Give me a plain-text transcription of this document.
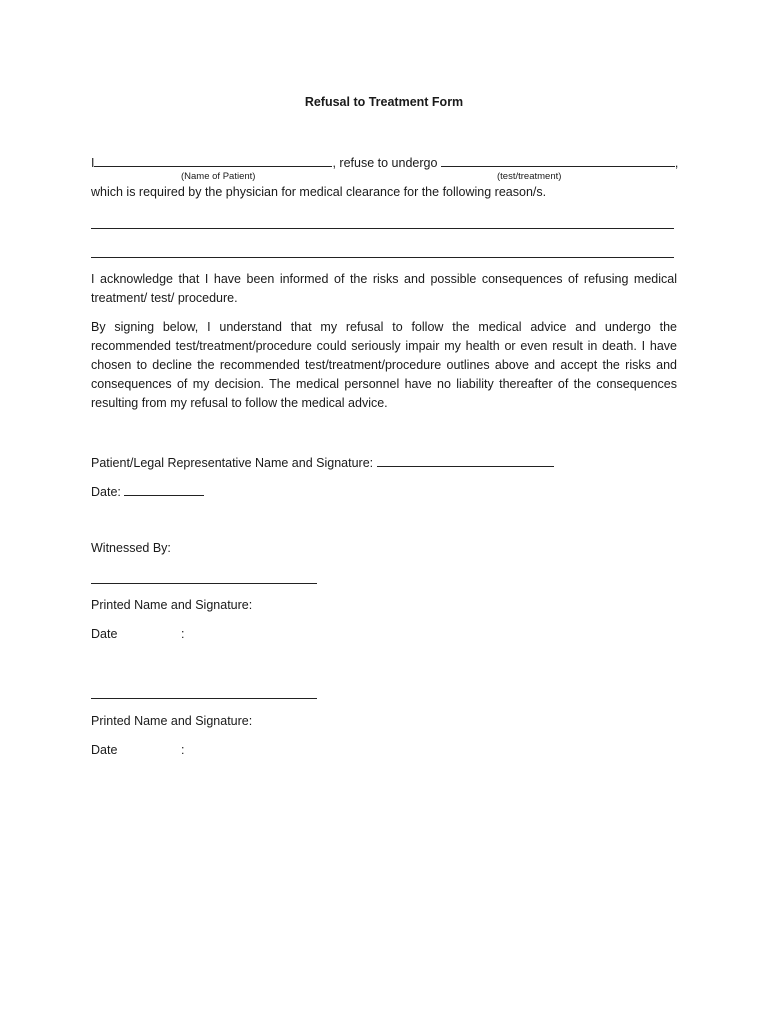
Refusal to Treatment Form
I	, refuse to undergo	,
(Name of Patient)	(test/treatment)
which is required by the physician for medical clearance for the following reason/s.
I acknowledge that I have been informed of the risks and possible consequences of refusing medical treatment/ test/ procedure.
By signing below, I understand that my refusal to follow the medical advice and undergo the recommended test/treatment/procedure could seriously impair my health or even result in death. I have chosen to decline the recommended test/treatment/procedure outlines above and accept the risks and consequences of my decision. The medical personnel have no liability thereafter of the consequences resulting from my refusal to follow the medical advice.
Patient/Legal Representative Name and Signature:
Date:
Witnessed By:
Printed Name and Signature:
Date	:
Printed Name and Signature:
Date	:
